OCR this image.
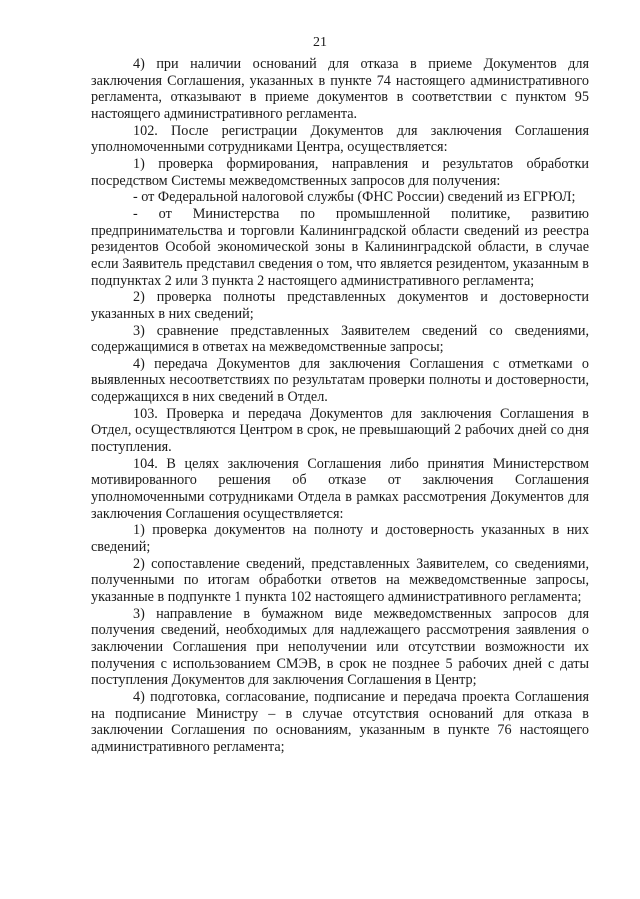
21

4) при наличии оснований для отказа в приеме Документов для заключения Соглашения, указанных в пункте 74 настоящего административного регламента, отказывают в приеме документов в соответствии с пунктом 95 настоящего административного регламента.

102. После регистрации Документов для заключения Соглашения уполномоченными сотрудниками Центра, осуществляется:

1) проверка формирования, направления и результатов обработки посредством Системы межведомственных запросов для получения:

- от Федеральной налоговой службы (ФНС России) сведений из ЕГРЮЛ;

- от Министерства по промышленной политике, развитию предпринимательства и торговли Калининградской области сведений из реестра резидентов Особой экономической зоны в Калининградской области, в случае если Заявитель представил сведения о том, что является резидентом, указанным в подпунктах 2 или 3 пункта 2 настоящего административного регламента;

2) проверка полноты представленных документов и достоверности указанных в них сведений;

3) сравнение представленных Заявителем сведений со сведениями, содержащимися в ответах на межведомственные запросы;

4) передача Документов для заключения Соглашения с отметками о выявленных несоответствиях по результатам проверки полноты и достоверности, содержащихся в них сведений в Отдел.

103. Проверка и передача Документов для заключения Соглашения в Отдел, осуществляются Центром в срок, не превышающий 2 рабочих дней со дня поступления.

104. В целях заключения Соглашения либо принятия Министерством мотивированного решения об отказе от заключения Соглашения уполномоченными сотрудниками Отдела в рамках рассмотрения Документов для заключения Соглашения осуществляется:

1) проверка документов на полноту и достоверность указанных в них сведений;

2) сопоставление сведений, представленных Заявителем, со сведениями, полученными по итогам обработки ответов на межведомственные запросы, указанные в подпункте 1 пункта 102 настоящего административного регламента;

3) направление в бумажном виде межведомственных запросов для получения сведений, необходимых для надлежащего рассмотрения заявления о заключении Соглашения при неполучении или отсутствии возможности их получения с использованием СМЭВ, в срок не позднее 5 рабочих дней с даты поступления Документов для заключения Соглашения в Центр;

4) подготовка, согласование, подписание и передача проекта Соглашения на подписание Министру – в случае отсутствия оснований для отказа в заключении Соглашения по основаниям, указанным в пункте 76 настоящего административного регламента;
